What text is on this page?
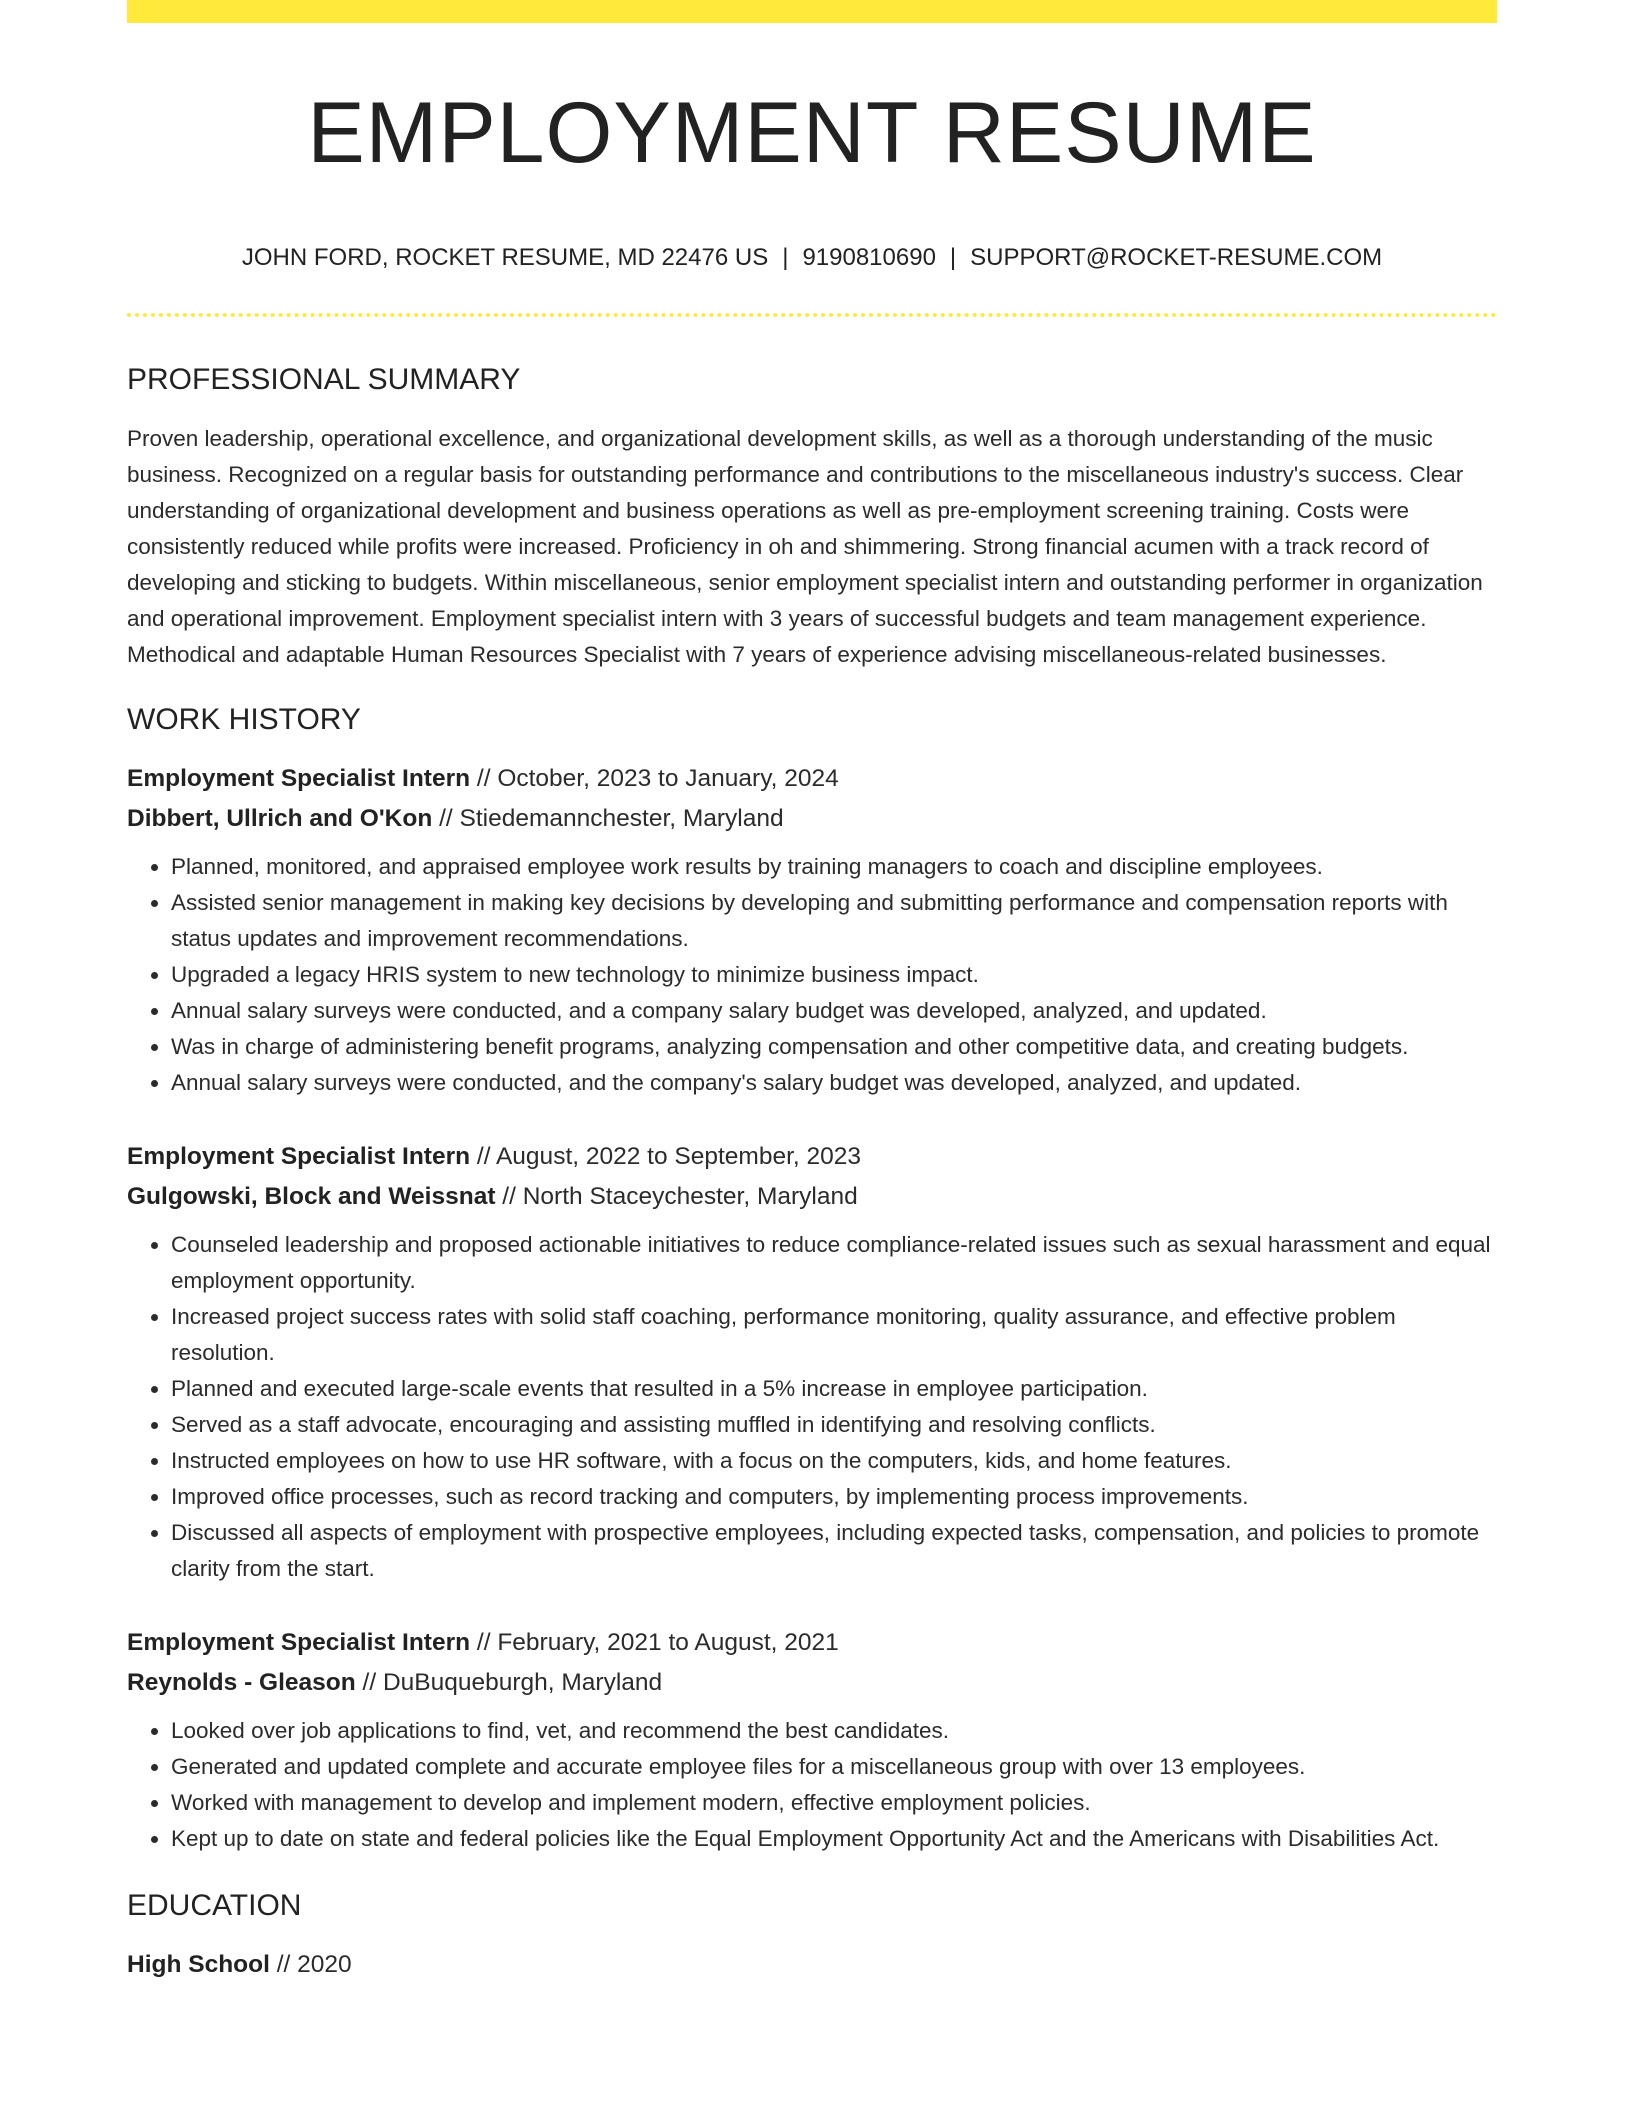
EMPLOYMENT RESUME
JOHN FORD, ROCKET RESUME, MD 22476 US | 9190810690 | SUPPORT@ROCKET-RESUME.COM
PROFESSIONAL SUMMARY

Proven leadership, operational excellence, and organizational development skills, as well as a thorough understanding of the music business. Recognized on a regular basis for outstanding performance and contributions to the miscellaneous industry's success. Clear understanding of organizational development and business operations as well as pre-employment screening training. Costs were consistently reduced while profits were increased. Proficiency in oh and shimmering. Strong financial acumen with a track record of developing and sticking to budgets. Within miscellaneous, senior employment specialist intern and outstanding performer in organization and operational improvement. Employment specialist intern with 3 years of successful budgets and team management experience. Methodical and adaptable Human Resources Specialist with 7 years of experience advising miscellaneous-related businesses.

WORK HISTORY
Employment Specialist Intern // October, 2023 to January, 2024
Dibbert, Ullrich and O'Kon // Stiedemannchester, Maryland
• Planned, monitored, and appraised employee work results by training managers to coach and discipline employees.
• Assisted senior management in making key decisions by developing and submitting performance and compensation reports with status updates and improvement recommendations.
• Upgraded a legacy HRIS system to new technology to minimize business impact.
• Annual salary surveys were conducted, and a company salary budget was developed, analyzed, and updated.
• Was in charge of administering benefit programs, analyzing compensation and other competitive data, and creating budgets.
• Annual salary surveys were conducted, and the company's salary budget was developed, analyzed, and updated.
Employment Specialist Intern // August, 2022 to September, 2023
Gulgowski, Block and Weissnat // North Staceychester, Maryland
• Counseled leadership and proposed actionable initiatives to reduce compliance-related issues such as sexual harassment and equal employment opportunity.
• Increased project success rates with solid staff coaching, performance monitoring, quality assurance, and effective problem resolution.
• Planned and executed large-scale events that resulted in a 5% increase in employee participation.
• Served as a staff advocate, encouraging and assisting muffled in identifying and resolving conflicts.
• Instructed employees on how to use HR software, with a focus on the computers, kids, and home features.
• Improved office processes, such as record tracking and computers, by implementing process improvements.
• Discussed all aspects of employment with prospective employees, including expected tasks, compensation, and policies to promote clarity from the start.
Employment Specialist Intern // February, 2021 to August, 2021
Reynolds - Gleason // DuBuqueburgh, Maryland
• Looked over job applications to find, vet, and recommend the best candidates.
• Generated and updated complete and accurate employee files for a miscellaneous group with over 13 employees.
• Worked with management to develop and implement modern, effective employment policies.
• Kept up to date on state and federal policies like the Equal Employment Opportunity Act and the Americans with Disabilities Act.
EDUCATION
High School // 2020
